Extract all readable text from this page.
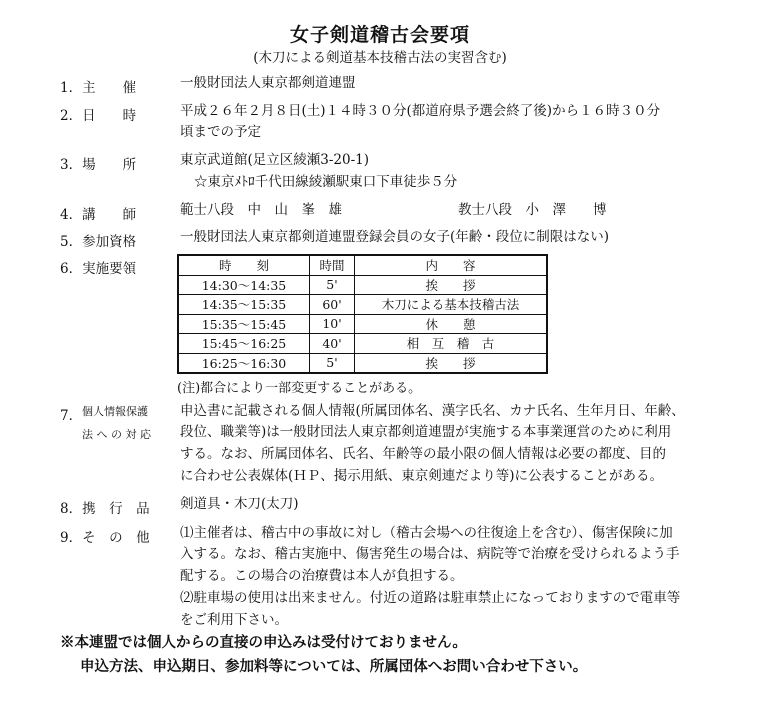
女子剣道稽古会要項
(木刀による剣道基本技稽古法の実習含む)
1．主　　催	一般財団法人東京都剣道連盟
2．日　　時	平成２６年２月８日(土)１４時３０分(都道府県予選会終了後)から１６時３０分
頃までの予定
3．場　　所	東京武道館(足立区綾瀬3-20-1)
☆東京ﾒﾄﾛ千代田線綾瀬駅東口下車徒歩５分
4．講　　師	範士八段　中　山　峯　雄	教士八段　小　澤　　博
5．参加資格	一般財団法人東京都剣道連盟登録会員の女子(年齢・段位に制限はない)
6．実施要領	時　　刻	時間	内　　容
14:30～14:35	5'	挨　　拶
14:35～15:35	60'	木刀による基本技稽古法
15:35～15:45	10'	休　　憩
15:45～16:25	40'	相　互　稽　古
16:25～16:30	5'	挨　　拶
(注)都合により一部変更することがある。
7． 個人情報保護
法 へ の 対 応
申込書に記載される個人情報(所属団体名、漢字氏名、カナ氏名、生年月日、年齢、
段位、職業等)は一般財団法人東京都剣道連盟が実施する本事業運営のために利用
する。なお、所属団体名、氏名、年齢等の最小限の個人情報は必要の都度、目的
に合わせ公表媒体(ＨＰ、掲示用紙、東京剣連だより等)に公表することがある。
8．携　行　品	剣道具・木刀(太刀)
9．そ　の　他	⑴主催者は、稽古中の事故に対し（稽古会場への往復途上を含む）、傷害保険に加
入する。なお、稽古実施中、傷害発生の場合は、病院等で治療を受けられるよう手
配する。この場合の治療費は本人が負担する。
⑵駐車場の使用は出来ません。付近の道路は駐車禁止になっておりますので電車等
をご利用下さい。
※本連盟では個人からの直接の申込みは受付けておりません。
申込方法、申込期日、参加料等については、所属団体へお問い合わせ下さい。
